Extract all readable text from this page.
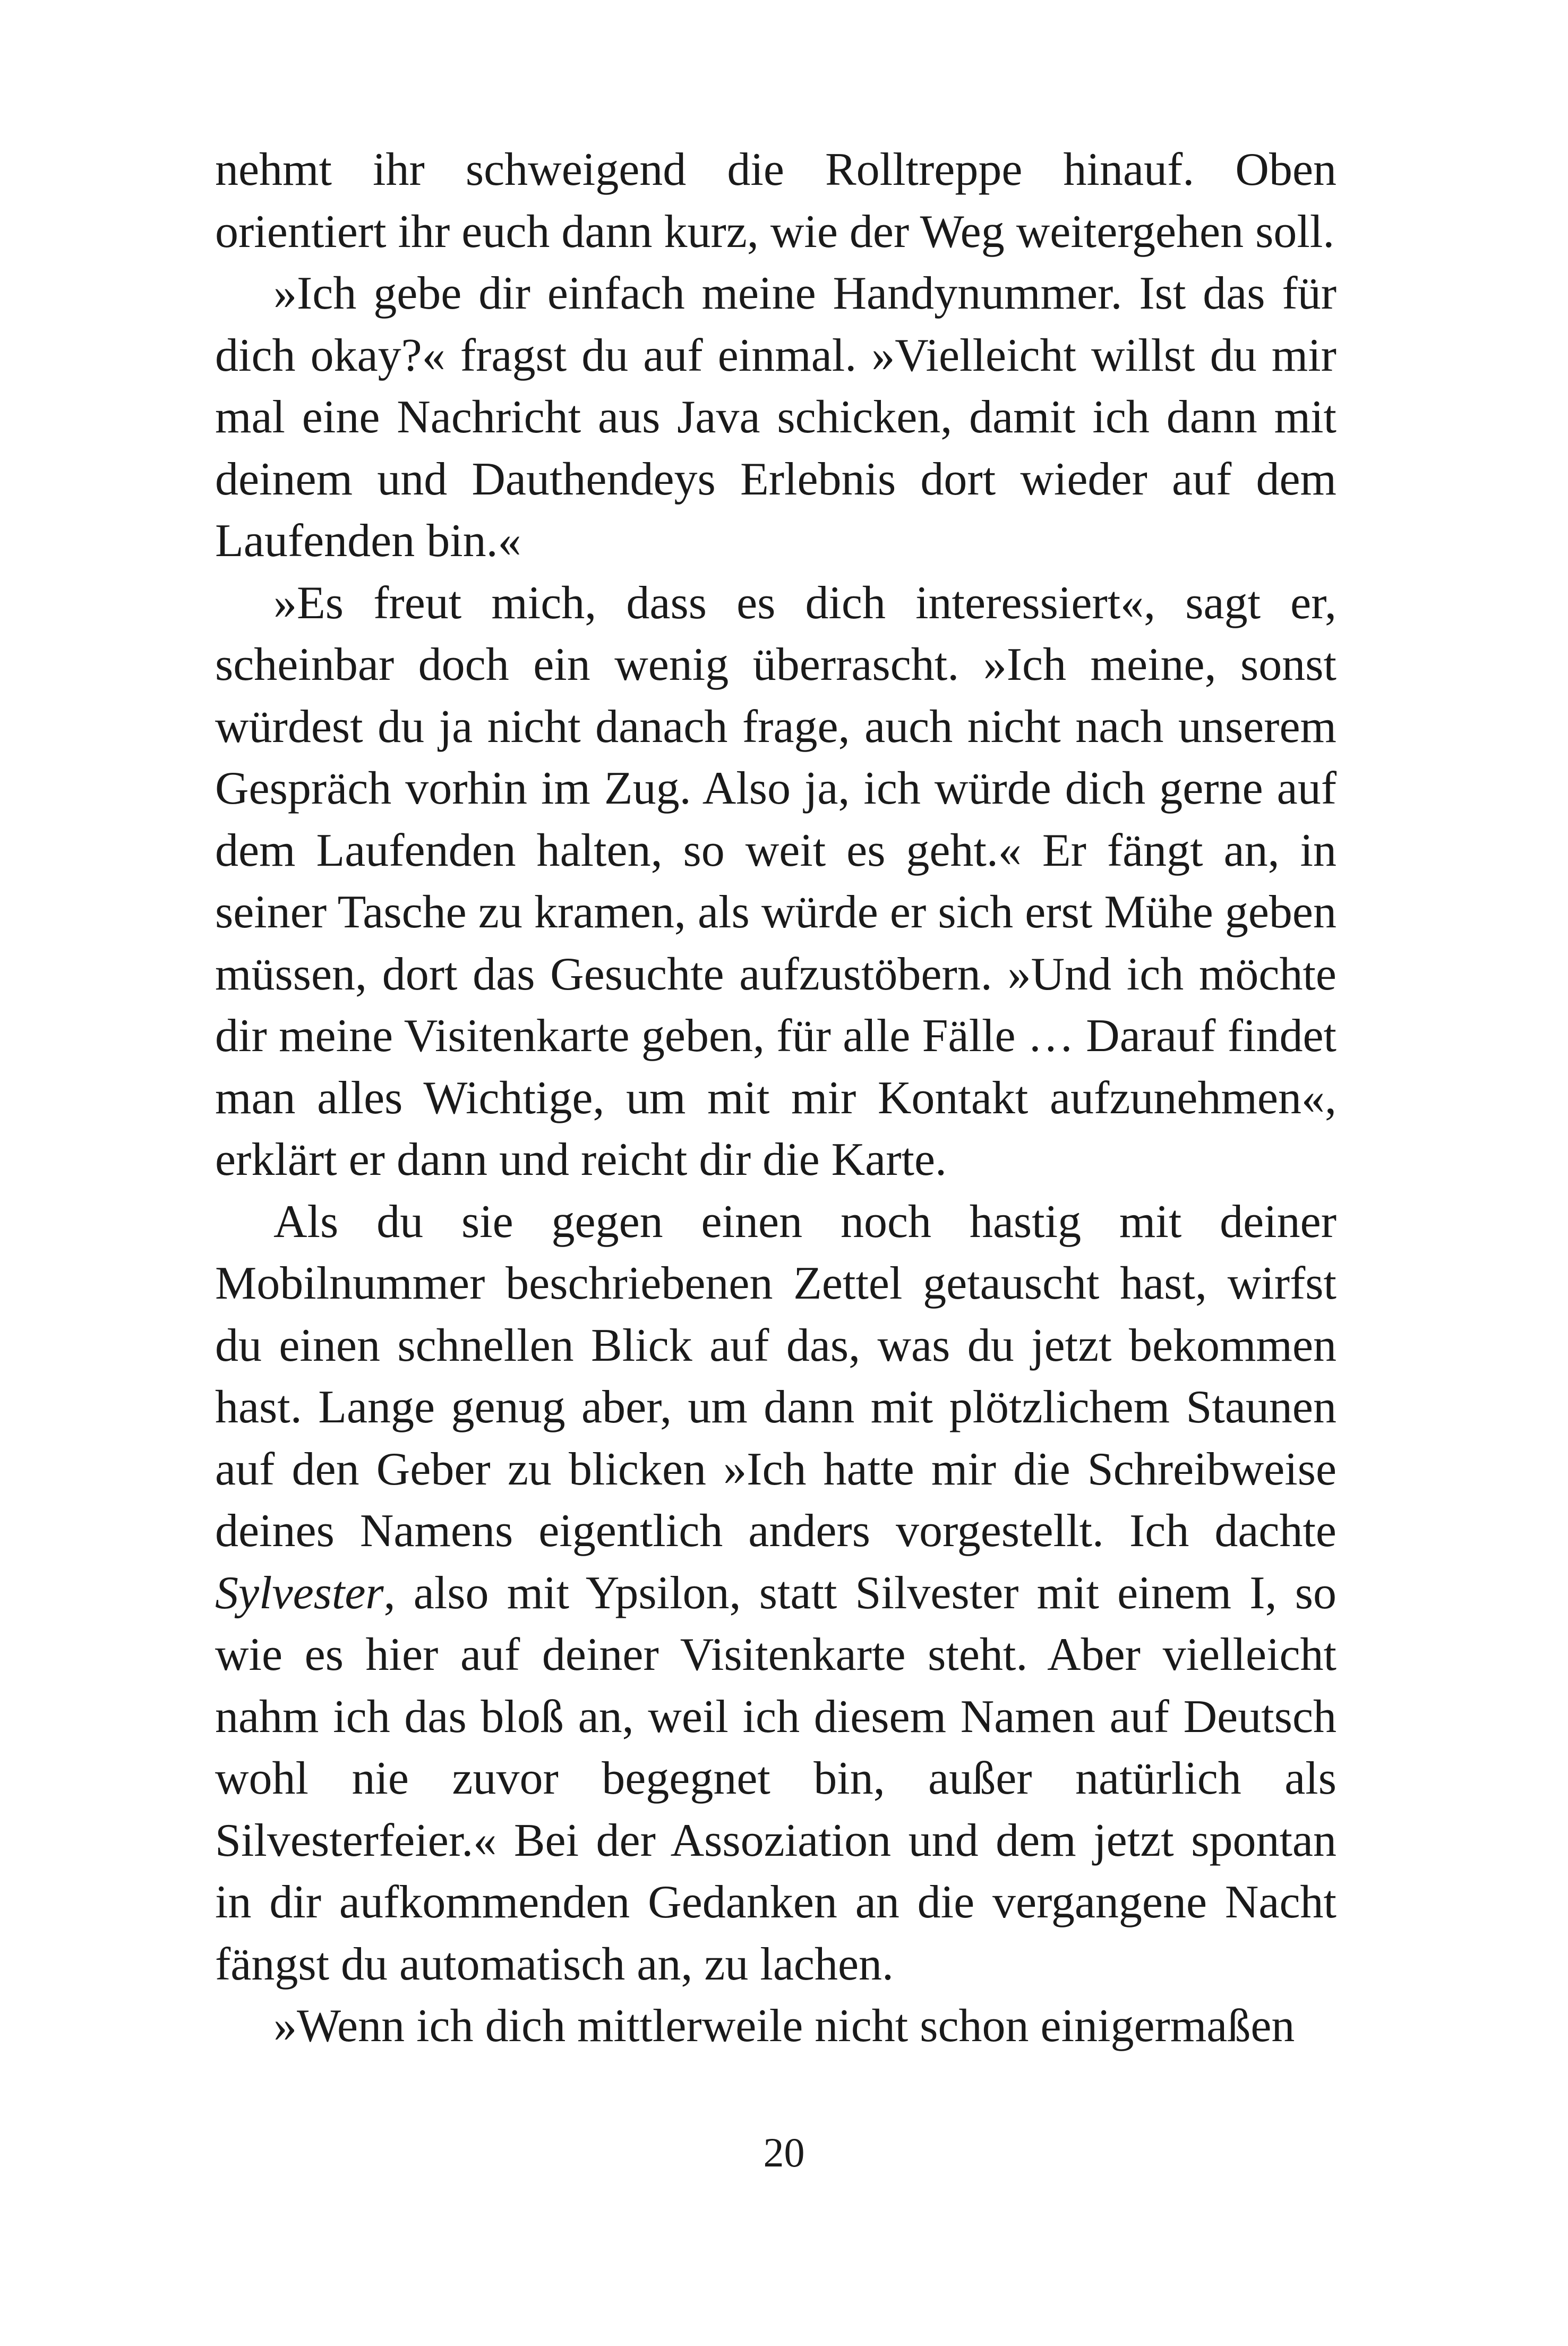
nehmt ihr schweigend die Rolltreppe hinauf. Oben orientiert ihr euch dann kurz, wie der Weg weitergehen soll.

»Ich gebe dir einfach meine Handynummer. Ist das für dich okay?« fragst du auf einmal. »Vielleicht willst du mir mal eine Nachricht aus Java schicken, damit ich dann mit deinem und Dauthendeys Erlebnis dort wieder auf dem Laufenden bin.«

»Es freut mich, dass es dich interessiert«, sagt er, scheinbar doch ein wenig überrascht. »Ich meine, sonst würdest du ja nicht danach frage, auch nicht nach unserem Gespräch vorhin im Zug. Also ja, ich würde dich gerne auf dem Laufenden halten, so weit es geht.« Er fängt an, in seiner Tasche zu kramen, als würde er sich erst Mühe geben müssen, dort das Gesuchte aufzustöbern. »Und ich möchte dir meine Visitenkarte geben, für alle Fälle … Darauf findet man alles Wichtige, um mit mir Kontakt aufzunehmen«, erklärt er dann und reicht dir die Karte.

Als du sie gegen einen noch hastig mit deiner Mobilnummer beschriebenen Zettel getauscht hast, wirfst du einen schnellen Blick auf das, was du jetzt bekommen hast. Lange genug aber, um dann mit plötzlichem Staunen auf den Geber zu blicken »Ich hatte mir die Schreibweise deines Namens eigentlich anders vorgestellt. Ich dachte Sylvester, also mit Ypsilon, statt Silvester mit einem I, so wie es hier auf deiner Visitenkarte steht. Aber vielleicht nahm ich das bloß an, weil ich diesem Namen auf Deutsch wohl nie zuvor begegnet bin, außer natürlich als Silvesterfeier.« Bei der Assoziation und dem jetzt spontan in dir aufkommenden Gedanken an die vergangene Nacht fängst du automatisch an, zu lachen.

»Wenn ich dich mittlerweile nicht schon einigermaßen

20
